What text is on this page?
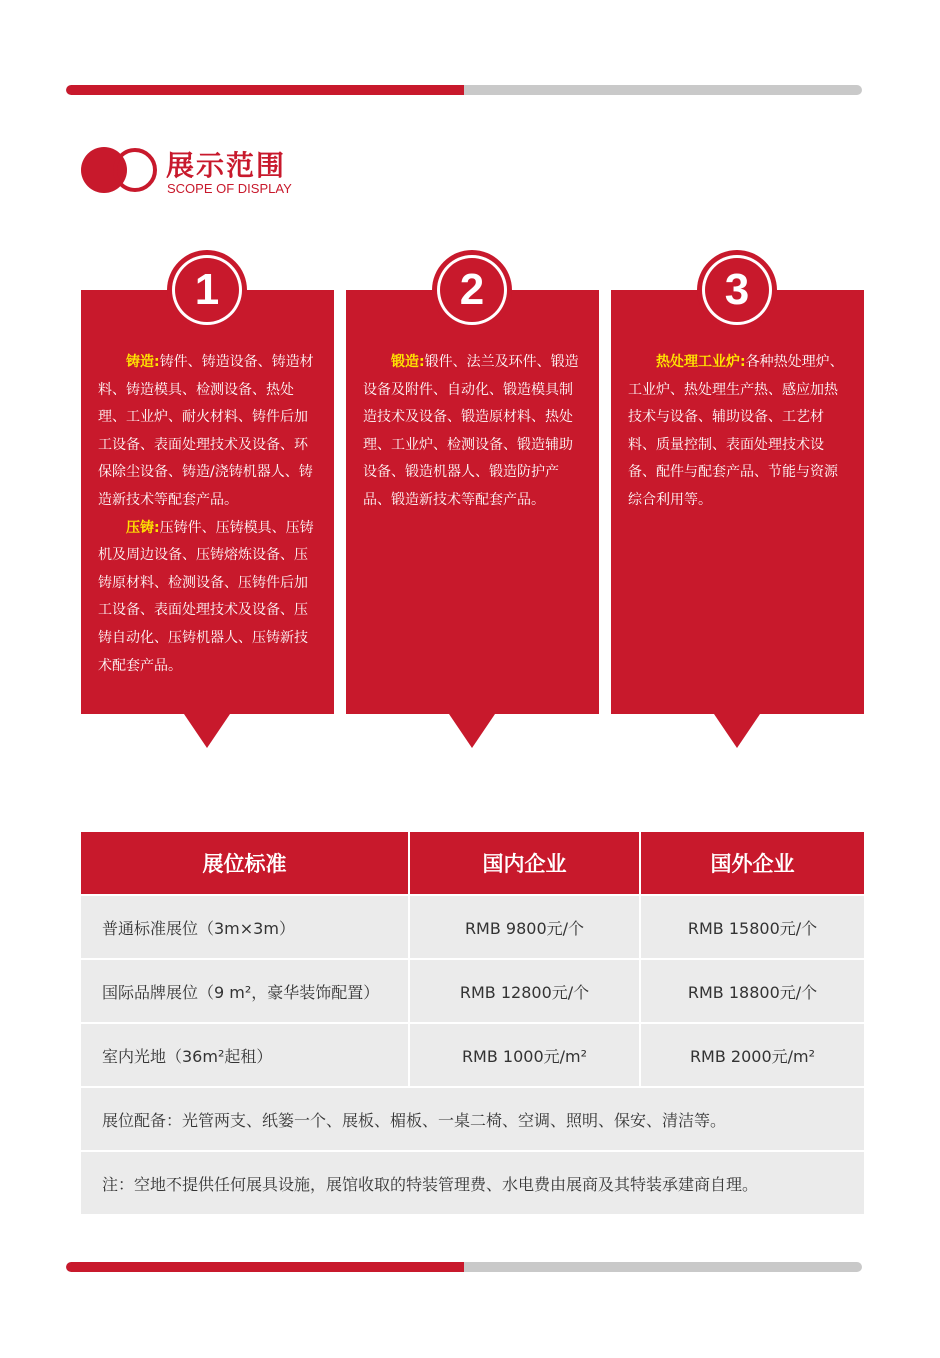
展示范围
SCOPE OF DISPLAY
1

铸造:铸件、铸造设备、铸造材料、铸造模具、检测设备、热处理、工业炉、耐火材料、铸件后加工设备、表面处理技术及设备、环保除尘设备、铸造/浇铸机器人、铸造新技术等配套产品。

压铸:压铸件、压铸模具、压铸机及周边设备、压铸熔炼设备、压铸原材料、检测设备、压铸件后加工设备、表面处理技术及设备、压铸自动化、压铸机器人、压铸新技术配套产品。

2

锻造:锻件、法兰及环件、锻造设备及附件、自动化、锻造模具制造技术及设备、锻造原材料、热处理、工业炉、检测设备、锻造辅助设备、锻造机器人、锻造防护产品、锻造新技术等配套产品。

3

热处理工业炉:各种热处理炉、工业炉、热处理生产热、感应加热技术与设备、辅助设备、工艺材料、质量控制、表面处理技术设备、配件与配套产品、节能与资源综合利用等。

展位标准	国内企业	国外企业
普通标准展位（3m×3m）	RMB 9800元/个	RMB 15800元/个
国际品牌展位（9 m²，豪华装饰配置）	RMB 12800元/个	RMB 18800元/个
室内光地（36m²起租）	RMB 1000元/m²	RMB 2000元/m²
展位配备：光管两支、纸篓一个、展板、楣板、一桌二椅、空调、照明、保安、清洁等。
注：空地不提供任何展具设施，展馆收取的特装管理费、水电费由展商及其特装承建商自理。
